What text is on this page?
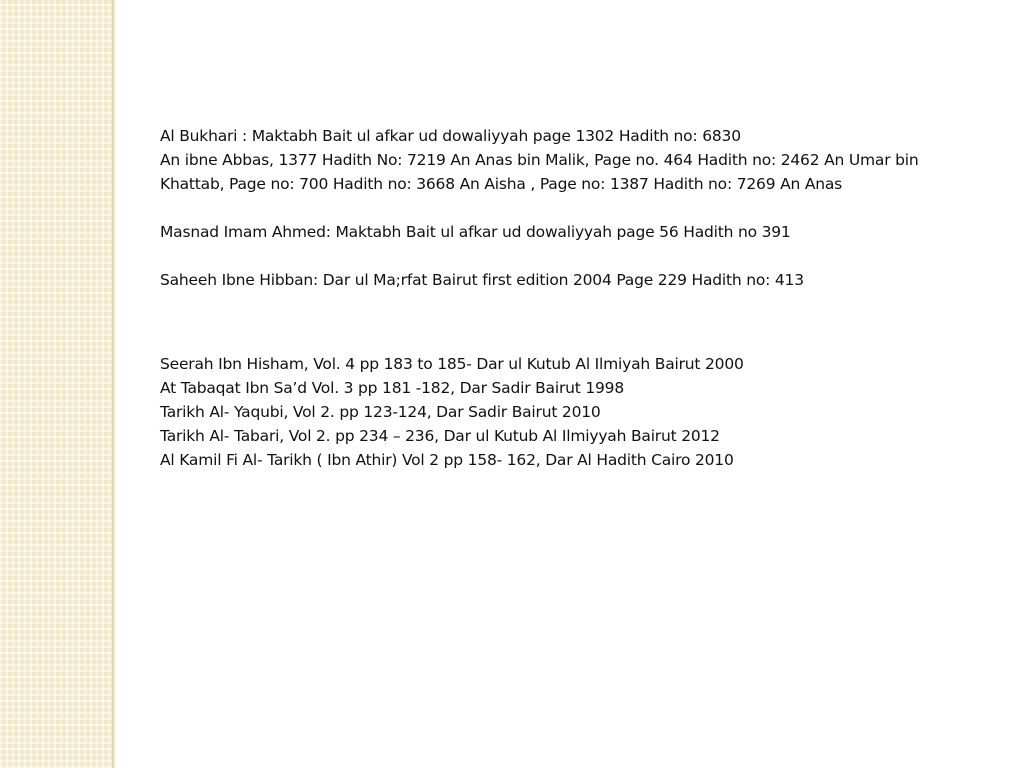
Al Bukhari : Maktabh Bait ul afkar ud dowaliyyah page 1302 Hadith no: 6830
An ibne Abbas, 1377 Hadith No: 7219 An Anas bin Malik, Page no. 464 Hadith no: 2462 An Umar bin
Khattab, Page no: 700 Hadith no: 3668 An Aisha , Page no: 1387 Hadith no: 7269 An Anas
Masnad Imam Ahmed: Maktabh Bait ul afkar ud dowaliyyah page 56 Hadith no 391
Saheeh Ibne Hibban: Dar ul Ma;rfat Bairut first edition 2004 Page 229 Hadith no: 413
Seerah Ibn Hisham, Vol. 4 pp 183 to 185- Dar ul Kutub Al Ilmiyah Bairut 2000
At Tabaqat Ibn Sa’d Vol. 3 pp 181 -182, Dar Sadir Bairut 1998
Tarikh Al- Yaqubi, Vol 2. pp 123-124, Dar Sadir Bairut 2010
Tarikh Al- Tabari, Vol 2. pp 234 – 236, Dar ul Kutub Al Ilmiyyah Bairut 2012
Al Kamil Fi Al- Tarikh ( Ibn Athir) Vol 2 pp 158- 162, Dar Al Hadith Cairo 2010
